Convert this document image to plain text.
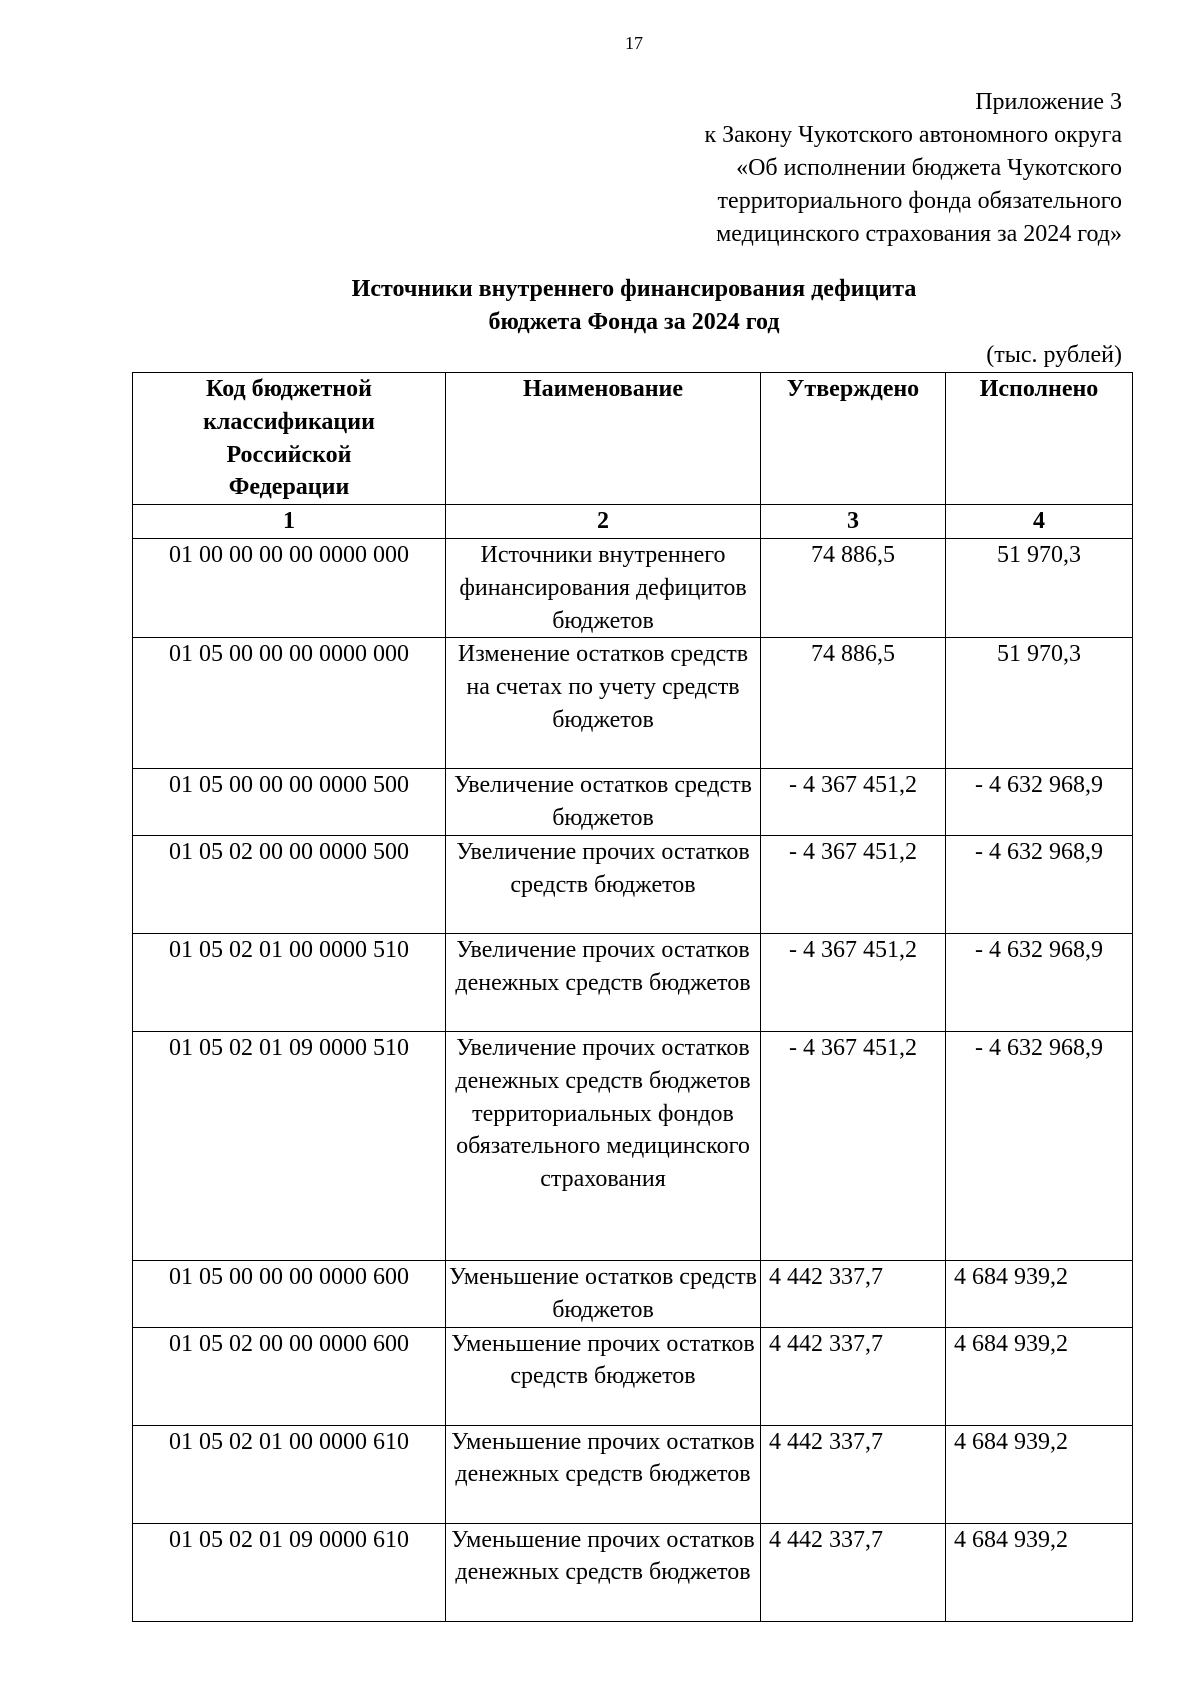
17
Приложение 3
к Закону Чукотского автономного округа
«Об исполнении бюджета Чукотского
территориального фонда обязательного
медицинского страхования за 2024 год»
Источники внутреннего финансирования дефицита
бюджета Фонда за 2024 год
(тыс. рублей)
Код бюджетной классификации Российской Федерации	Наименование	Утверждено	Исполнено
1	2	3	4
01 00 00 00 00 0000 000	Источники внутреннего финансирования дефицитов бюджетов	74 886,5	51 970,3
01 05 00 00 00 0000 000	Изменение остатков средств на счетах по учету средств бюджетов	74 886,5	51 970,3
01 05 00 00 00 0000 500	Увеличение остатков средств бюджетов	- 4 367 451,2	- 4 632 968,9
01 05 02 00 00 0000 500	Увеличение прочих остатков средств бюджетов	- 4 367 451,2	- 4 632 968,9
01 05 02 01 00 0000 510	Увеличение прочих остатков денежных средств бюджетов	- 4 367 451,2	- 4 632 968,9
01 05 02 01 09 0000 510	Увеличение прочих остатков денежных средств бюджетов территориальных фондов обязательного медицинского страхования	- 4 367 451,2	- 4 632 968,9
01 05 00 00 00 0000 600	Уменьшение остатков средств бюджетов	4 442 337,7	4 684 939,2
01 05 02 00 00 0000 600	Уменьшение прочих остатков средств бюджетов	4 442 337,7	4 684 939,2
01 05 02 01 00 0000 610	Уменьшение прочих остатков денежных средств бюджетов	4 442 337,7	4 684 939,2
01 05 02 01 09 0000 610	Уменьшение прочих остатков денежных средств бюджетов	4 442 337,7	4 684 939,2
